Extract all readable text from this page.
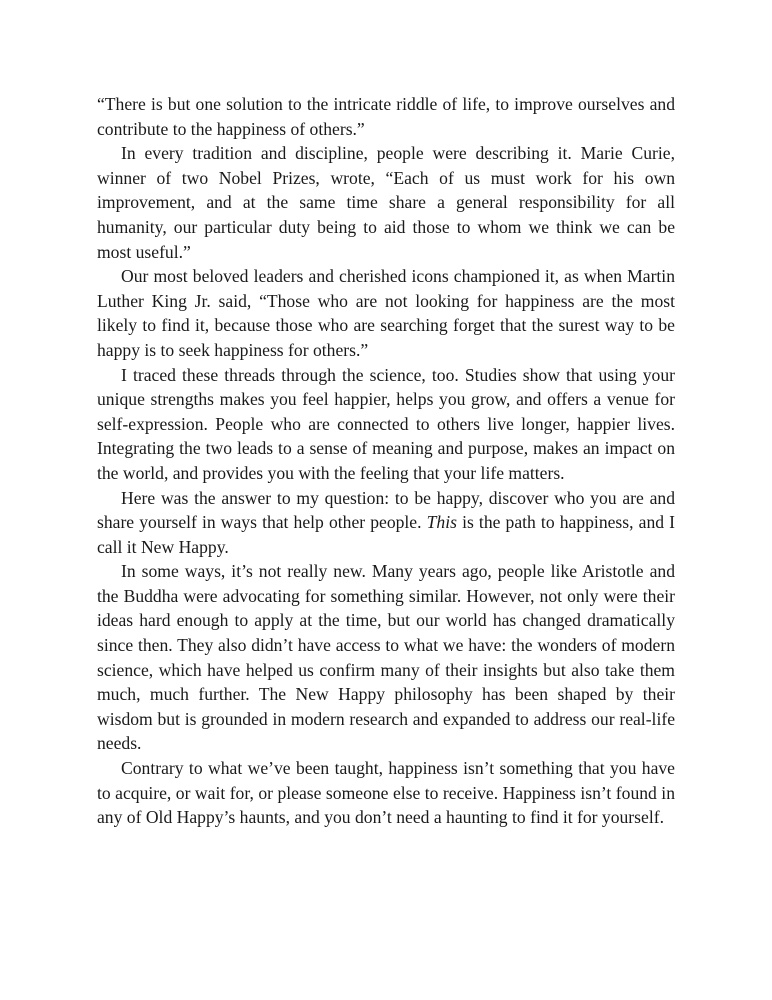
“There is but one solution to the intricate riddle of life, to improve ourselves and contribute to the happiness of others.”

In every tradition and discipline, people were describing it. Marie Curie, winner of two Nobel Prizes, wrote, “Each of us must work for his own improvement, and at the same time share a general responsibility for all humanity, our particular duty being to aid those to whom we think we can be most useful.”

Our most beloved leaders and cherished icons championed it, as when Martin Luther King Jr. said, “Those who are not looking for happiness are the most likely to find it, because those who are searching forget that the surest way to be happy is to seek happiness for others.”

I traced these threads through the science, too. Studies show that using your unique strengths makes you feel happier, helps you grow, and offers a venue for self-expression. People who are connected to others live longer, happier lives. Integrating the two leads to a sense of meaning and purpose, makes an impact on the world, and provides you with the feeling that your life matters.

Here was the answer to my question: to be happy, discover who you are and share yourself in ways that help other people. This is the path to happiness, and I call it New Happy.

In some ways, it’s not really new. Many years ago, people like Aristotle and the Buddha were advocating for something similar. However, not only were their ideas hard enough to apply at the time, but our world has changed dramatically since then. They also didn’t have access to what we have: the wonders of modern science, which have helped us confirm many of their insights but also take them much, much further. The New Happy philosophy has been shaped by their wisdom but is grounded in modern research and expanded to address our real-life needs.

Contrary to what we’ve been taught, happiness isn’t something that you have to acquire, or wait for, or please someone else to receive. Happiness isn’t found in any of Old Happy’s haunts, and you don’t need a haunting to find it for yourself.
